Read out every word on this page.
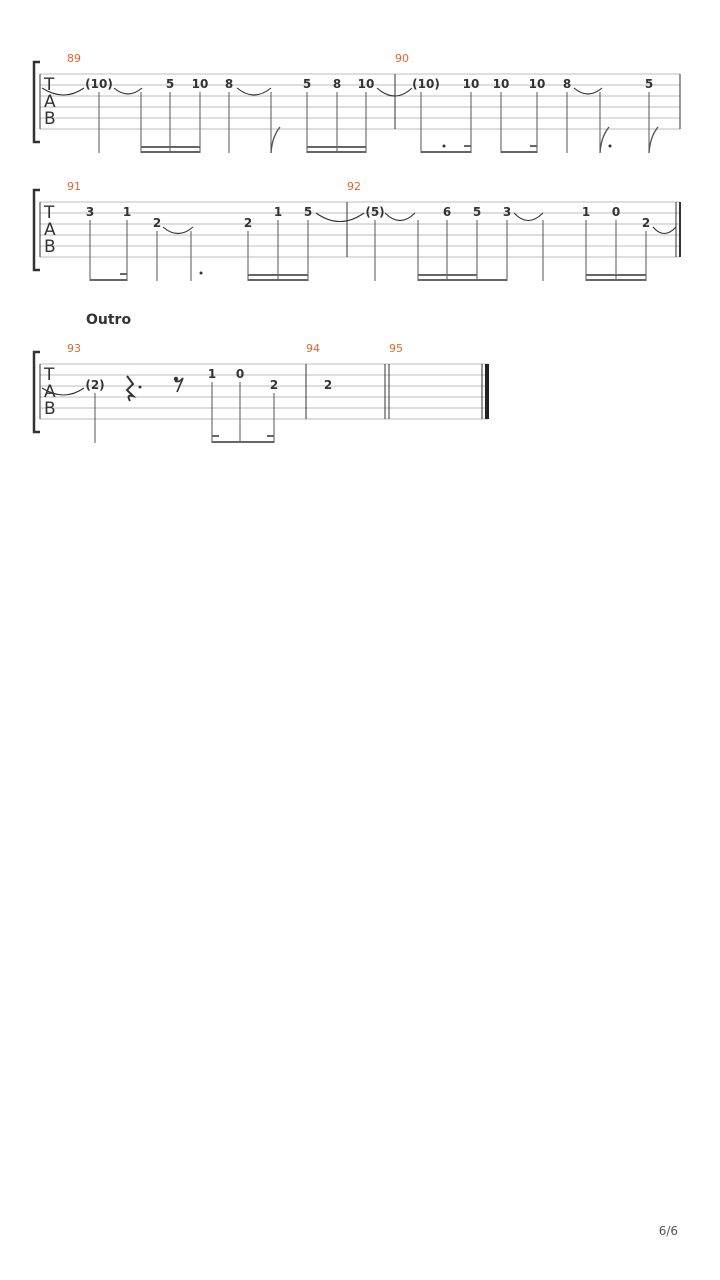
T
A
B
89	90
(10)	5 10 8	5 8 10	(10) 10 10 10 8	5
T
A
B
91	92
3 1
2	2
1 5	(5)	6 5 3	1 0
2
Outro
T
A
B
93	94	95
(2)
1 0
2	2
6/6
